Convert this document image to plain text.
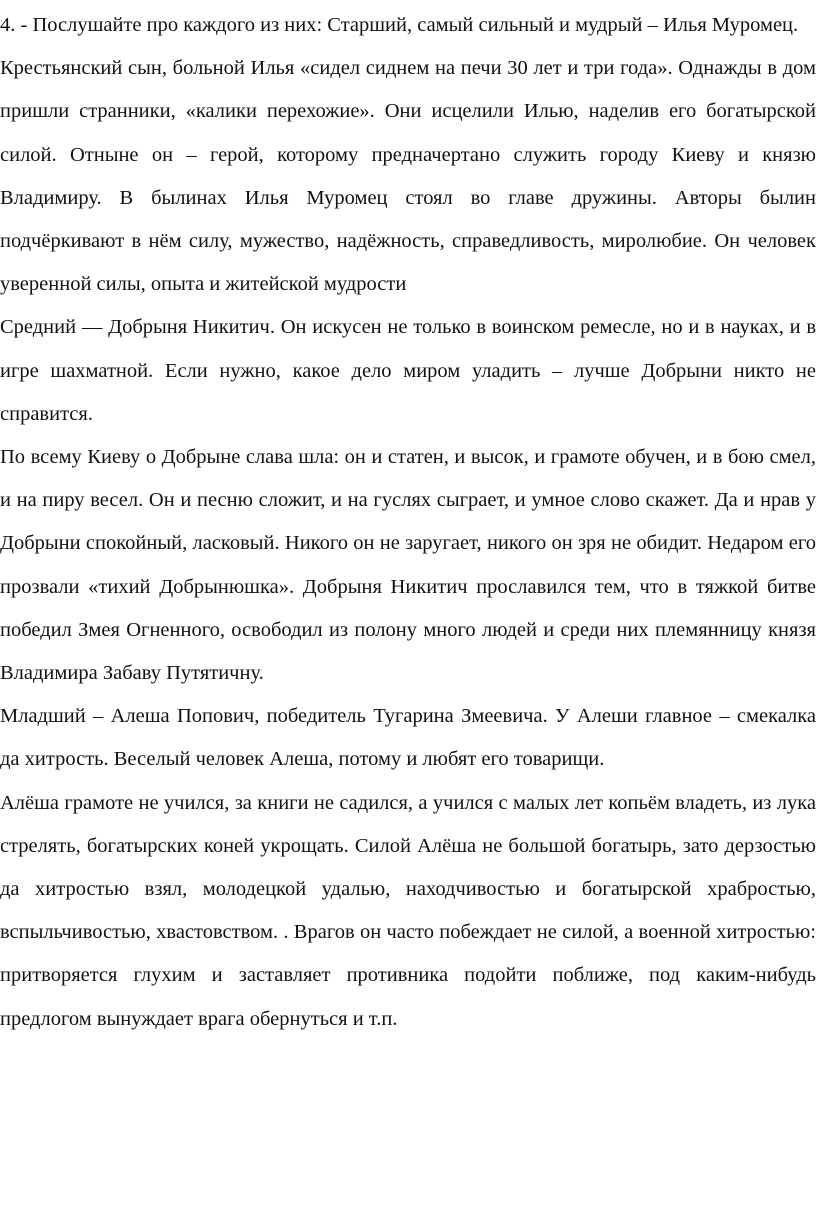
4. - Послушайте про каждого из них: Старший, самый сильный и мудрый – Илья Муромец.

Крестьянский сын, больной Илья «сидел сиднем на печи 30 лет и три года». Однажды в дом пришли странники, «калики перехожие». Они исцелили Илью, наделив его богатырской силой. Отныне он – герой, которому предначертано служить городу Киеву и князю Владимиру. В былинах Илья Муромец стоял во главе дружины. Авторы былин подчёркивают в нём силу, мужество, надёжность, справедливость, миролюбие. Он человек уверенной силы, опыта и житейской мудрости

Средний — Добрыня Никитич. Он искусен не только в воинском ремесле, но и в науках, и в игре шахматной. Если нужно, какое дело миром уладить – лучше Добрыни никто не справится.

По всему Киеву о Добрыне слава шла: он и статен, и высок, и грамоте обучен, и в бою смел, и на пиру весел. Он и песню сложит, и на гуслях сыграет, и умное слово скажет. Да и нрав у Добрыни спокойный, ласковый. Никого он не заругает, никого он зря не обидит. Недаром его прозвали «тихий Добрынюшка». Добрыня Никитич прославился тем, что в тяжкой битве победил Змея Огненного, освободил из полону много людей и среди них племянницу князя Владимира Забаву Путятичну.

Младший – Алеша Попович, победитель Тугарина Змеевича. У Алеши главное – смекалка да хитрость. Веселый человек Алеша, потому и любят его товарищи.

Алёша грамоте не учился, за книги не садился, а учился с малых лет копьём владеть, из лука стрелять, богатырских коней укрощать. Силой Алёша не большой богатырь, зато дерзостью да хитростью взял, молодецкой удалью, находчивостью и богатырской храбростью, вспыльчивостью, хвастовством. . Врагов он часто побеждает не силой, а военной хитростью: притворяется глухим и заставляет противника подойти поближе, под каким-нибудь предлогом вынуждает врага обернуться и т.п.
